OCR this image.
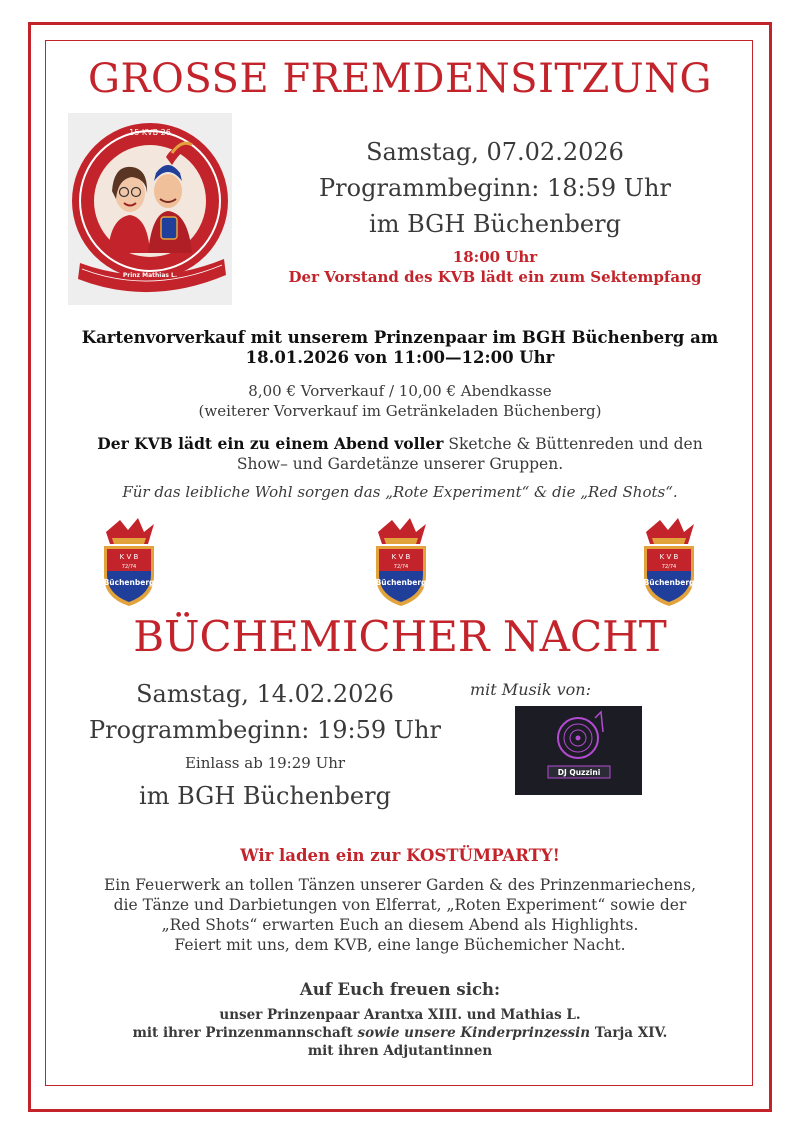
GROSSE FREMDENSITZUNG
15 KVB 26
Prinz Mathias L.
Samstag, 07.02.2026
Programmbeginn: 18:59 Uhr
im BGH Büchenberg
18:00 Uhr
Der Vorstand des KVB lädt ein zum Sektempfang
Kartenvorverkauf mit unserem Prinzenpaar im BGH Büchenberg am
18.01.2026 von 11:00—12:00 Uhr
8,00 € Vorverkauf / 10,00 € Abendkasse
(weiterer Vorverkauf im Getränkeladen Büchenberg)
Der KVB lädt ein zu einem Abend voller Sketche & Büttenreden und den
Show– und Gardetänze unserer Gruppen.
Für das leibliche Wohl sorgen das „Rote Experiment“ & die „Red Shots“.
K V B
72/74
Büchenberg
K V B
72/74
Büchenberg
K V B
72/74
Büchenberg
BÜCHEMICHER NACHT
Samstag, 14.02.2026
Programmbeginn: 19:59 Uhr
Einlass ab 19:29 Uhr
im BGH Büchenberg
mit Musik von:
DJ Quzzini
Wir laden ein zur KOSTÜMPARTY!
Ein Feuerwerk an tollen Tänzen unserer Garden & des Prinzenmariechens,
die Tänze und Darbietungen von Elferrat, „Roten Experiment“ sowie der
„Red Shots“ erwarten Euch an diesem Abend als Highlights.
Feiert mit uns, dem KVB, eine lange Büchemicher Nacht.
Auf Euch freuen sich:
unser Prinzenpaar Arantxa XIII. und Mathias L.
mit ihrer Prinzenmannschaft sowie unsere Kinderprinzessin Tarja XIV.
mit ihren Adjutantinnen
